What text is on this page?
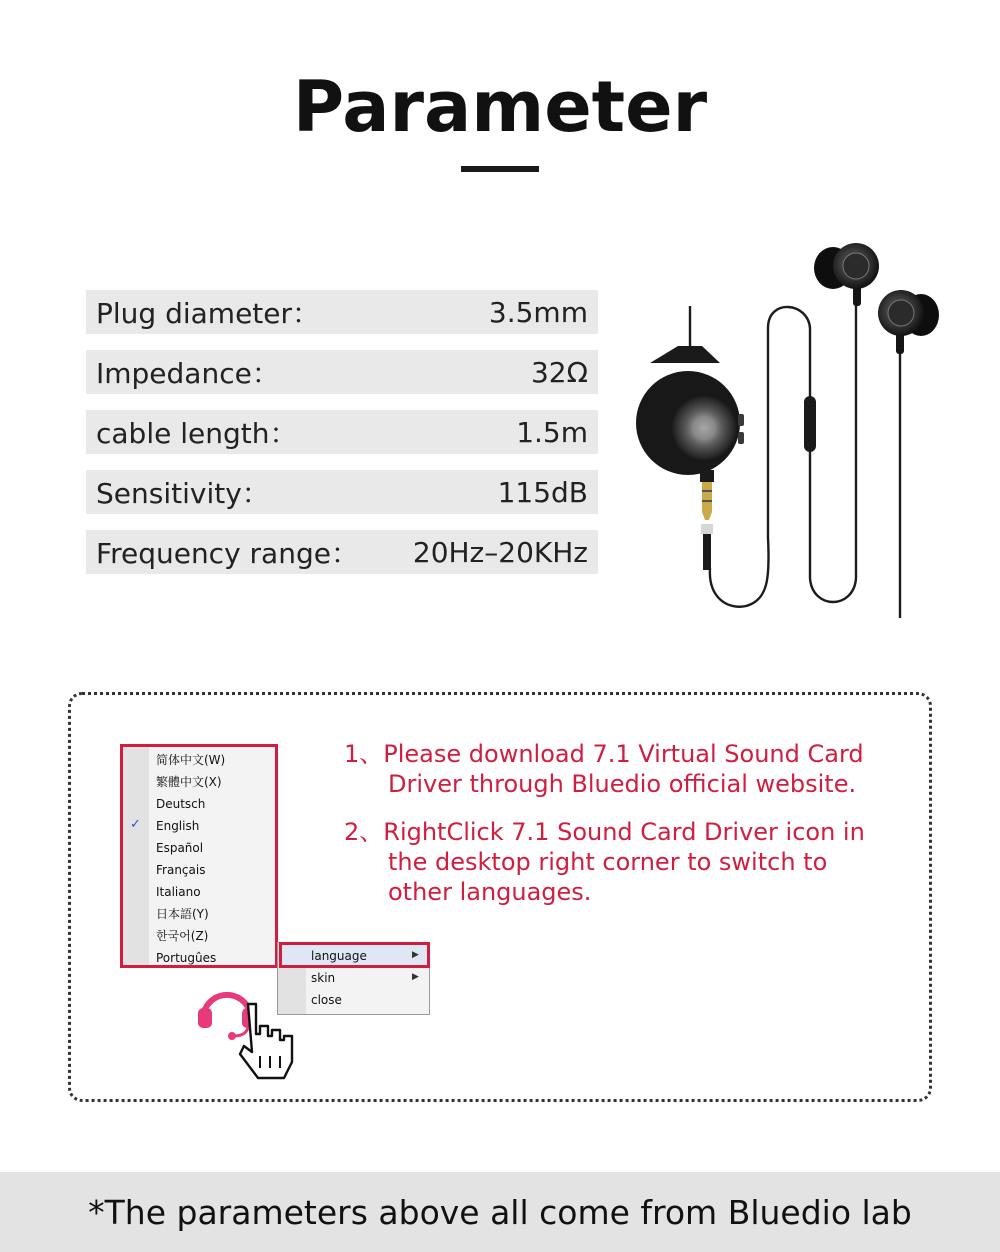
Parameter
Plug diameter：	3.5mm
Impedance：	32Ω
cable length：	1.5m
Sensitivity：	115dB
Frequency range： 20Hz–20KHz
简体中文(W)
繁體中文(X)
Deutsch
✓ English
Español
Français
Italiano
日本語(Y)
한국어(Z)
Portugûes	language	▶
skin	▶
close
1、Please download 7.1 Virtual Sound Card
Driver through Bluedio official website.
2、RightClick 7.1 Sound Card Driver icon in
the desktop right corner to switch to
other languages.
*The parameters above all come from Bluedio lab
